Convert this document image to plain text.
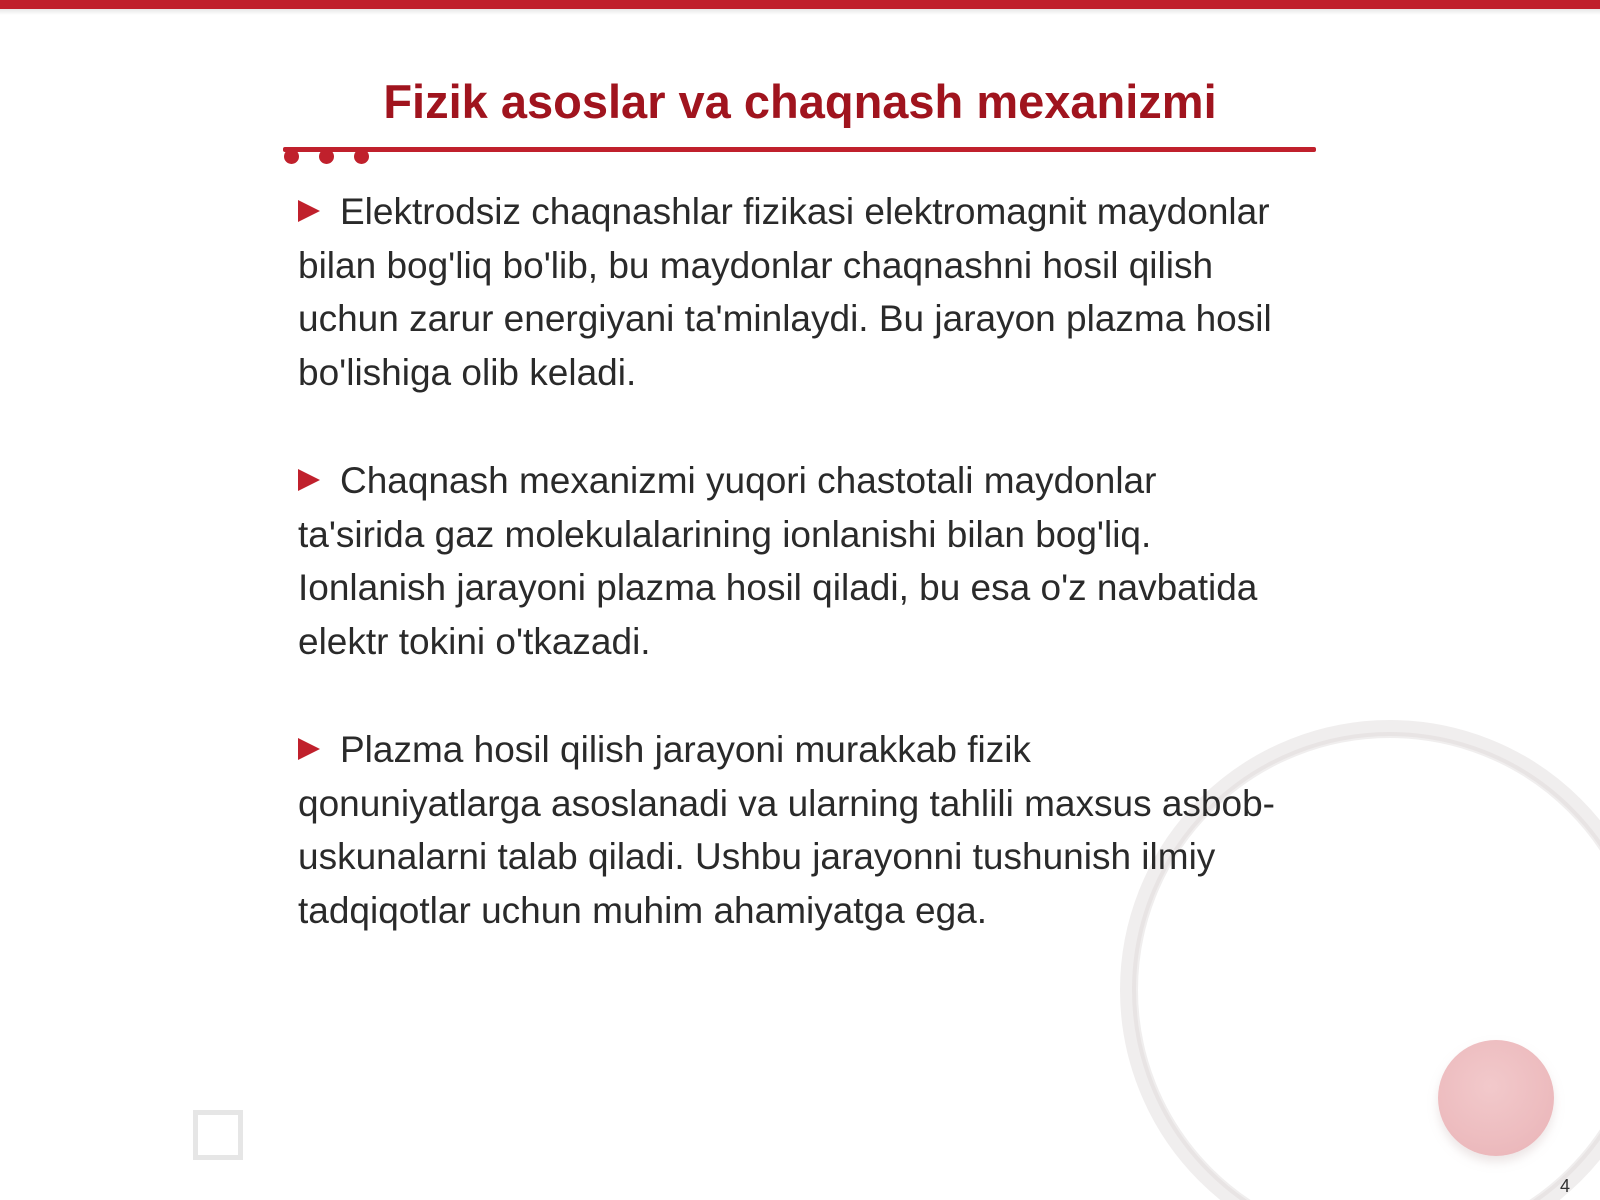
Fizik asoslar va chaqnash mexanizmi
Elektrodsiz chaqnashlar fizikasi elektromagnit maydonlar bilan bog'liq bo'lib, bu maydonlar chaqnashni hosil qilish uchun zarur energiyani ta'minlaydi. Bu jarayon plazma hosil bo'lishiga olib keladi.
Chaqnash mexanizmi yuqori chastotali maydonlar ta'sirida gaz molekulalarining ionlanishi bilan bog'liq. Ionlanish jarayoni plazma hosil qiladi, bu esa o'z navbatida elektr tokini o'tkazadi.
Plazma hosil qilish jarayoni murakkab fizik qonuniyatlarga asoslanadi va ularning tahlili maxsus asbob-uskunalarni talab qiladi. Ushbu jarayonni tushunish ilmiy tadqiqotlar uchun muhim ahamiyatga ega.
4
